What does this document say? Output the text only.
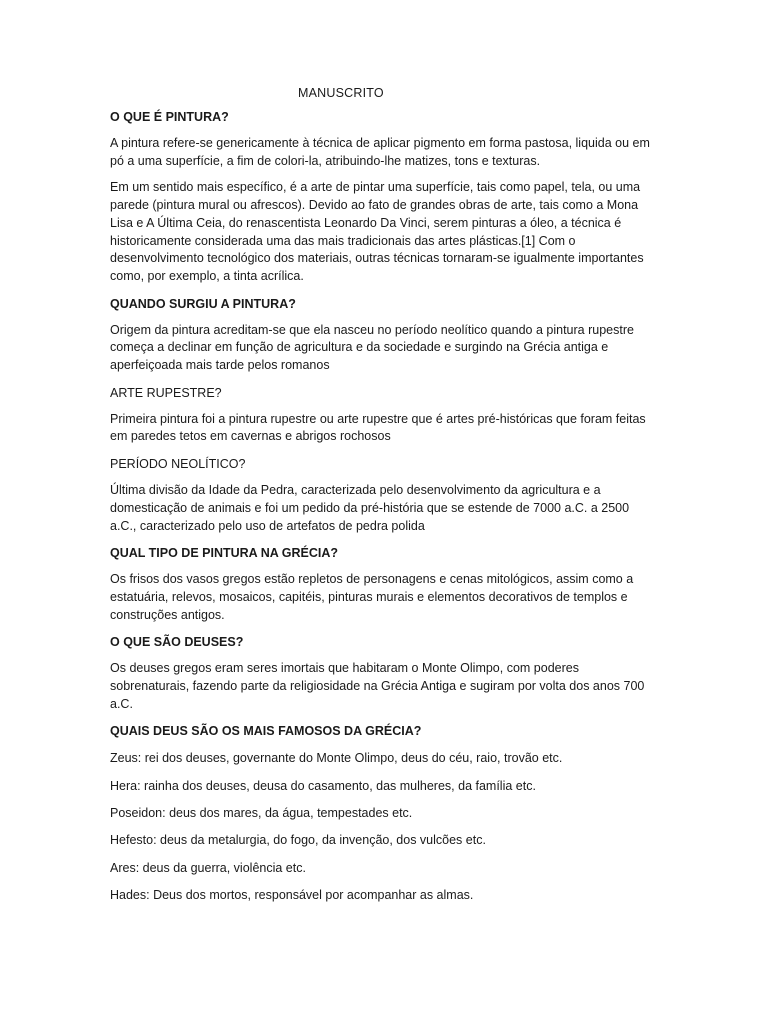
MANUSCRITO
O QUE É PINTURA?
A pintura refere-se genericamente à técnica de aplicar pigmento em forma pastosa, liquida ou em pó a uma superfície, a fim de colori-la, atribuindo-lhe matizes, tons e texturas.
Em um sentido mais específico, é a arte de pintar uma superfície, tais como papel, tela, ou uma parede (pintura mural ou afrescos). Devido ao fato de grandes obras de arte, tais como a Mona Lisa e A Última Ceia, do renascentista Leonardo Da Vinci, serem pinturas a óleo, a técnica é historicamente considerada uma das mais tradicionais das artes plásticas.[1] Com o desenvolvimento tecnológico dos materiais, outras técnicas tornaram-se igualmente importantes como, por exemplo, a tinta acrílica.
QUANDO SURGIU A PINTURA?
Origem da pintura acreditam-se que ela nasceu no período neolítico quando a pintura rupestre começa a declinar em função de agricultura e da sociedade e surgindo na Grécia antiga e aperfeiçoada mais tarde pelos romanos
ARTE RUPESTRE?
Primeira pintura foi a pintura rupestre ou arte rupestre que é artes pré-históricas que foram feitas em paredes tetos em cavernas e abrigos rochosos
PERÍODO NEOLÍTICO?
Última divisão da Idade da Pedra, caracterizada pelo desenvolvimento da agricultura e a domesticação de animais e foi um pedido da pré-história que se estende de 7000 a.C. a 2500 a.C., caracterizado pelo uso de artefatos de pedra polida
QUAL TIPO DE PINTURA NA GRÉCIA?
Os frisos dos vasos gregos estão repletos de personagens e cenas mitológicos, assim como a estatuária, relevos, mosaicos, capitéis, pinturas murais e elementos decorativos de templos e construções antigos.
O QUE SÃO DEUSES?
Os deuses gregos eram seres imortais que habitaram o Monte Olimpo, com poderes sobrenaturais, fazendo parte da religiosidade na Grécia Antiga e sugiram por volta dos anos 700 a.C.
QUAIS DEUS SÃO OS MAIS FAMOSOS DA GRÉCIA?
Zeus: rei dos deuses, governante do Monte Olimpo, deus do céu, raio, trovão etc.
Hera: rainha dos deuses, deusa do casamento, das mulheres, da família etc.
Poseidon: deus dos mares, da água, tempestades etc.
Hefesto: deus da metalurgia, do fogo, da invenção, dos vulcões etc.
Ares: deus da guerra, violência etc.
Hades: Deus dos mortos, responsável por acompanhar as almas.
